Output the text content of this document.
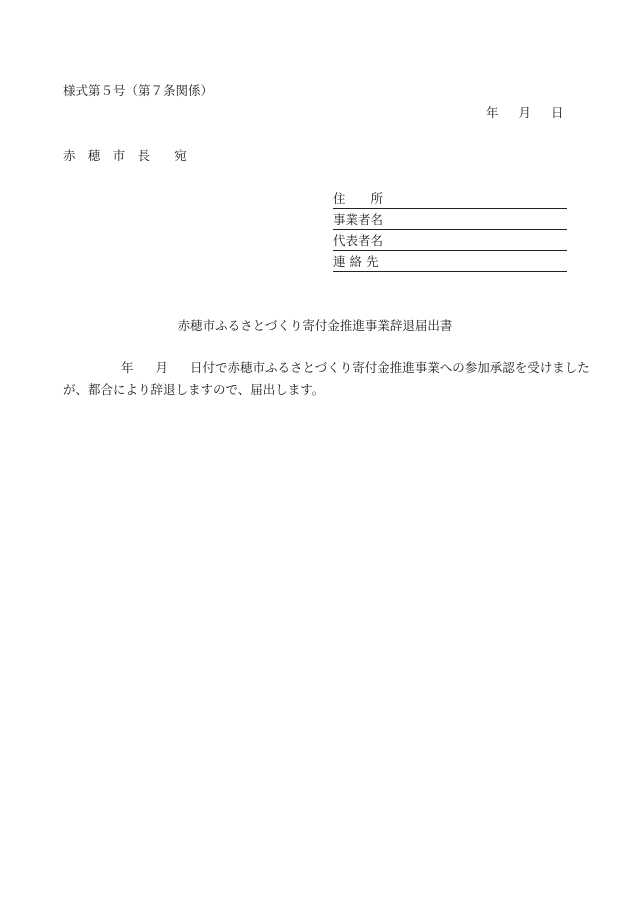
様式第５号（第７条関係）
年 月 日
赤 穂 市 長 宛
住　　所
事業者名
代表者名
連 絡 先
赤穂市ふるさとづくり寄付金推進事業辞退届出書
年 月 日付で赤穂市ふるさとづくり寄付金推進事業への参加承認を受けました
が、都合により辞退しますので、届出します。
